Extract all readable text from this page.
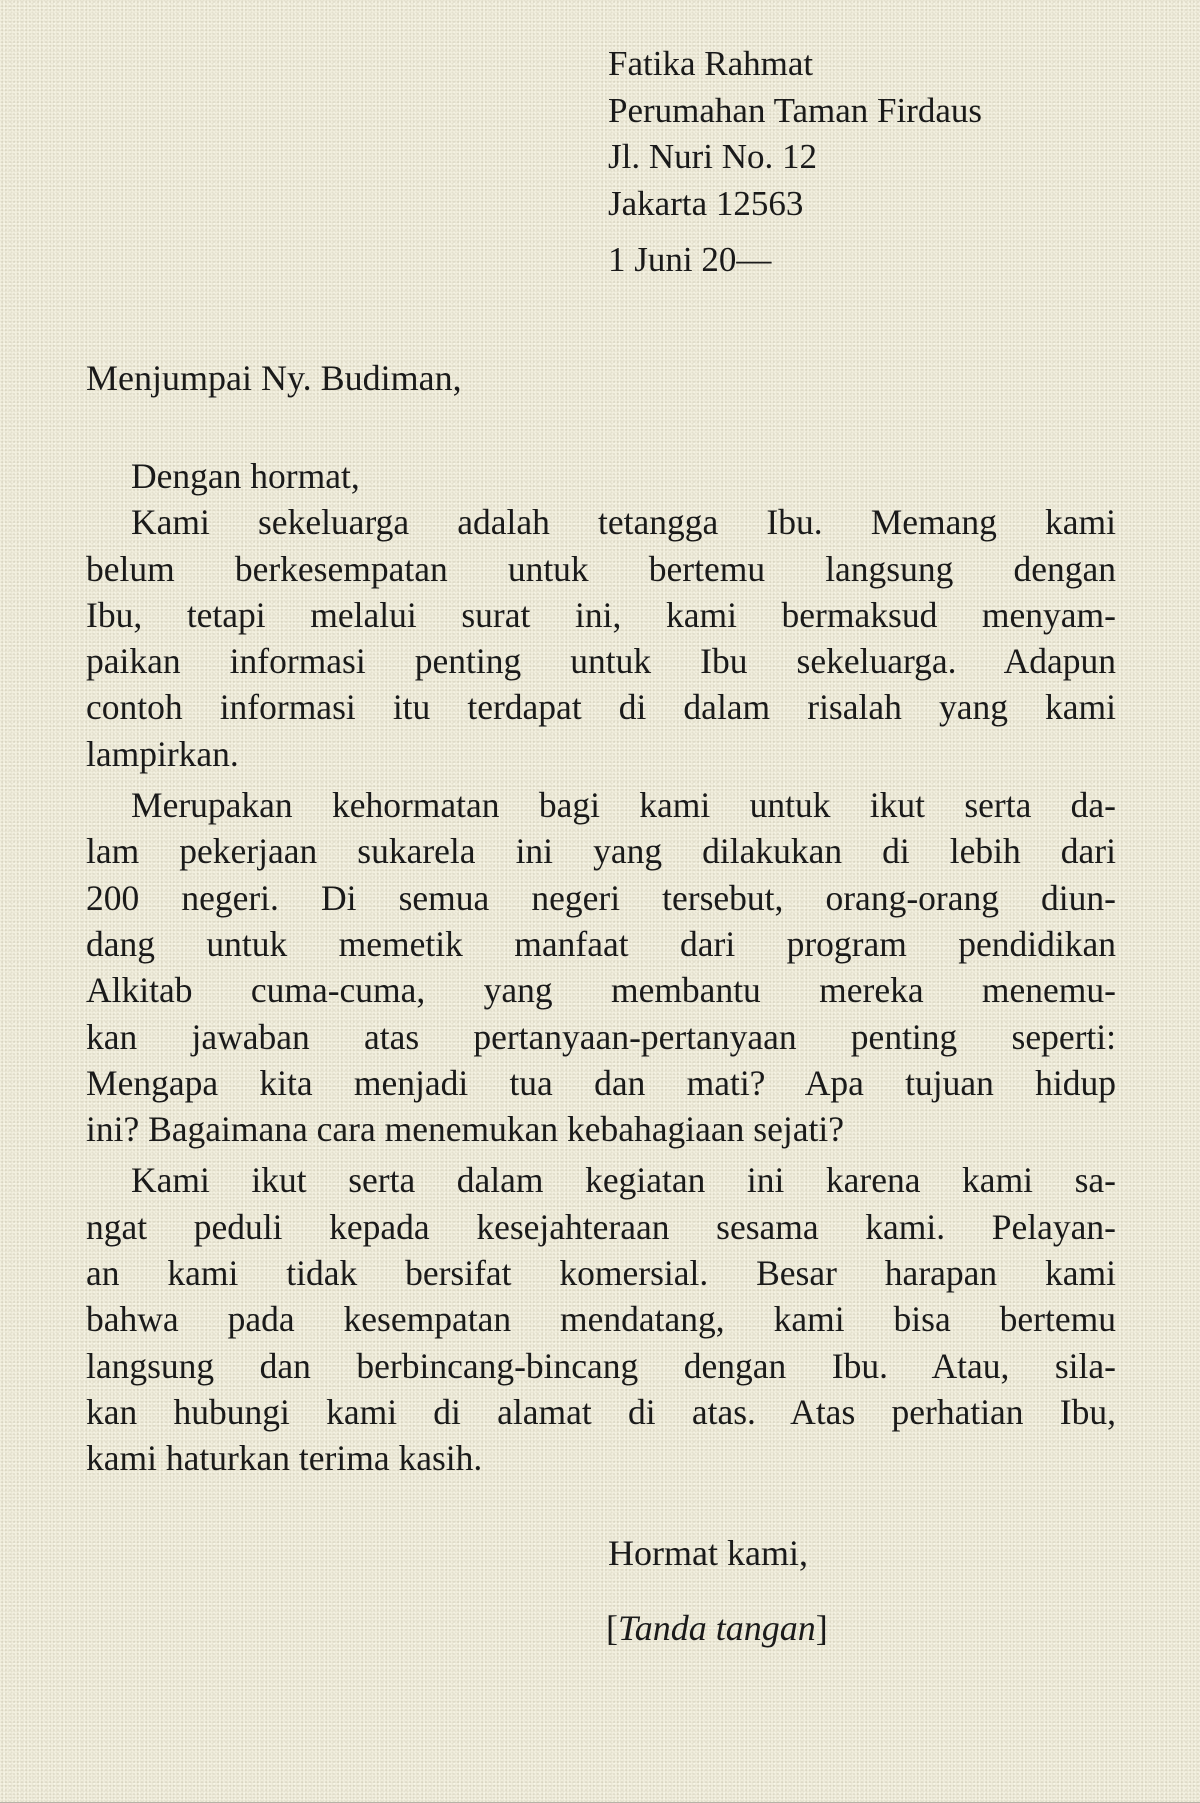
Fatika Rahmat
Perumahan Taman Firdaus
Jl. Nuri No. 12
Jakarta 12563
1 Juni 20—
Menjumpai Ny. Budiman,
Dengan hormat,
Kami sekeluarga adalah tetangga Ibu. Memang kami
belum berkesempatan untuk bertemu langsung dengan
Ibu, tetapi melalui surat ini, kami bermaksud menyam-
paikan informasi penting untuk Ibu sekeluarga. Adapun
contoh informasi itu terdapat di dalam risalah yang kami
lampirkan.
Merupakan kehormatan bagi kami untuk ikut serta da-
lam pekerjaan sukarela ini yang dilakukan di lebih dari
200 negeri. Di semua negeri tersebut, orang-orang diun-
dang untuk memetik manfaat dari program pendidikan
Alkitab cuma-cuma, yang membantu mereka menemu-
kan jawaban atas pertanyaan-pertanyaan penting seperti:
Mengapa kita menjadi tua dan mati? Apa tujuan hidup
ini? Bagaimana cara menemukan kebahagiaan sejati?
Kami ikut serta dalam kegiatan ini karena kami sa-
ngat peduli kepada kesejahteraan sesama kami. Pelayan-
an kami tidak bersifat komersial. Besar harapan kami
bahwa pada kesempatan mendatang, kami bisa bertemu
langsung dan berbincang-bincang dengan Ibu. Atau, sila-
kan hubungi kami di alamat di atas. Atas perhatian Ibu,
kami haturkan terima kasih.
Hormat kami,
[Tanda tangan]
